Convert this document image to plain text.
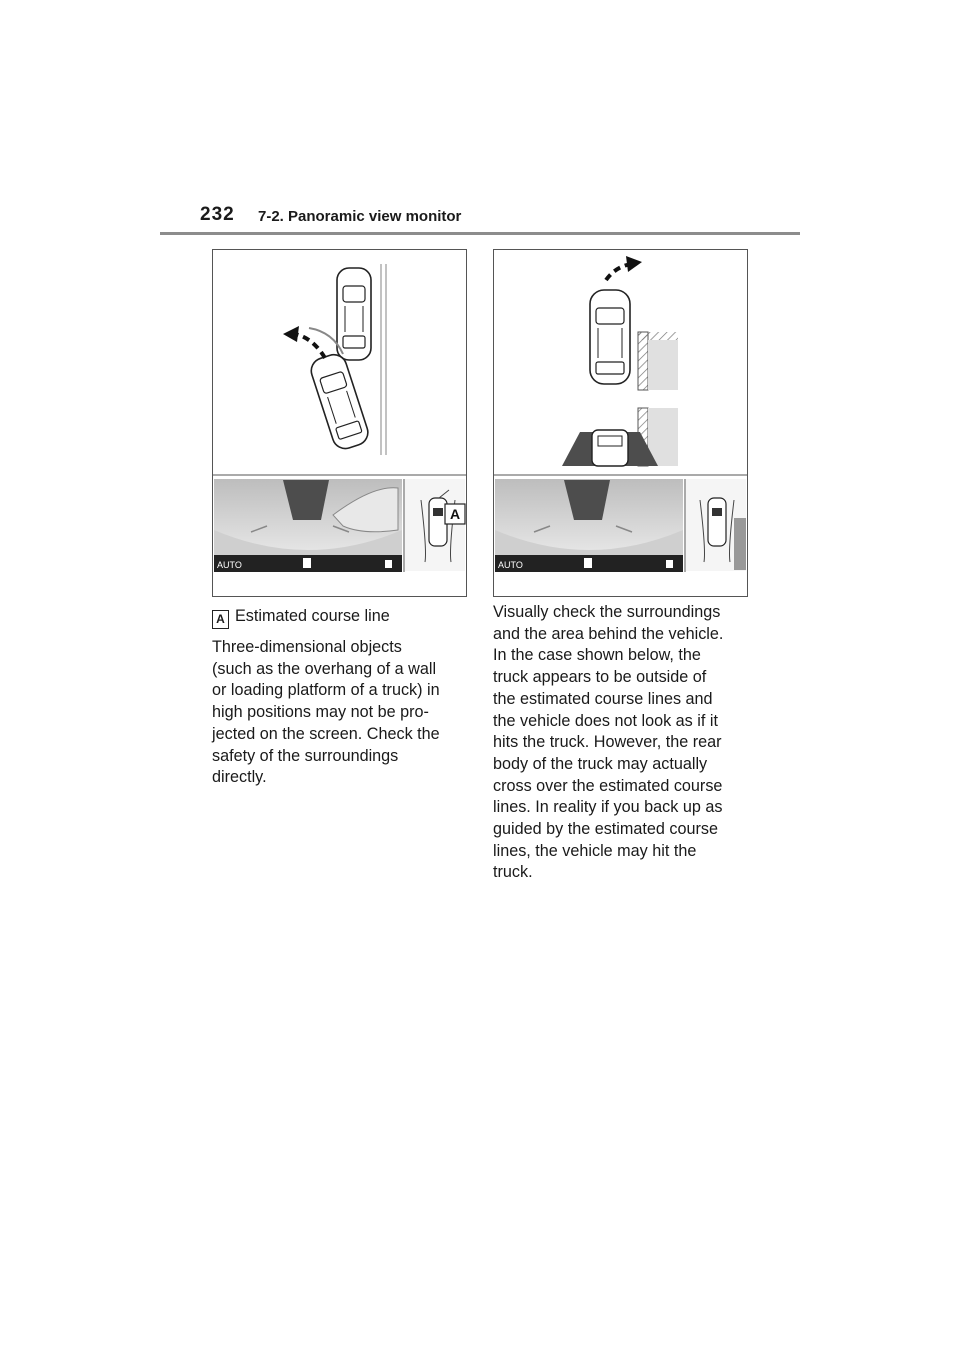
232 7-2. Panoramic view monitor
AUTO
A
AUTO
A Estimated course line
Three-dimensional objects
(such as the overhang of a wall
or loading platform of a truck) in
high positions may not be pro-
jected on the screen. Check the
safety of the surroundings
directly.
Visually check the surroundings
and the area behind the vehicle.
In the case shown below, the
truck appears to be outside of
the estimated course lines and
the vehicle does not look as if it
hits the truck. However, the rear
body of the truck may actually
cross over the estimated course
lines. In reality if you back up as
guided by the estimated course
lines, the vehicle may hit the
truck.
